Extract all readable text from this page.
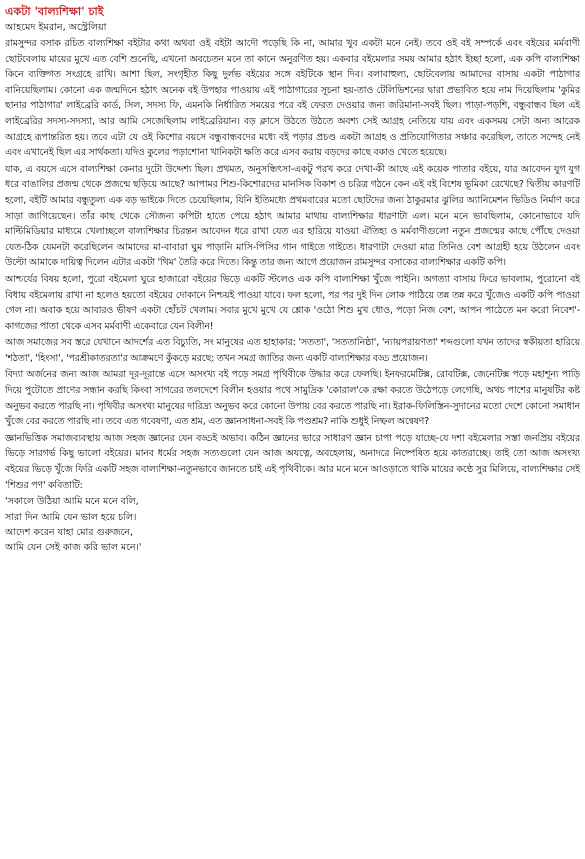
একটা 'বাল্যশিক্ষা' চাই

আহমেদ ইমরান, অস্ট্রেলিয়া

রামসুন্দর বসাক রচিত বাল্যশিক্ষা বইটার কথা অথবা ওই বইটা আদৌ পড়েছি কি না, আমার খুব একটা মনে নেই। তবে ওই বই সম্পর্কে এবং বইয়ের মর্মবাণী ছোটবেলায় মায়ের মুখে এত বেশি শুনেছি, এখনো অবচেতন মনে তা কানে অনুরণিত হয়। একবার বইমেলার সময় আমার হঠাৎ ইচ্ছা হলো, এক কপি বাল্যশিক্ষা কিনে ব্যক্তিগত সংগ্রহে রাখি। আশা ছিল, সংগৃহীত কিছু দুর্লভ বইয়ের সঙ্গে বইটিকে স্থান দিব। বলাবাহুল্য, ছোটবেলায় আমাদের বাসায় একটা পাঠাগার বানিয়েছিলাম। কোনো এক জন্মদিনে হঠাৎ অনেক বই উপহার পাওয়ায় এই পাঠাগারের সূচনা হয়-তাও টেলিভিশনের দ্বারা প্রভাবিত হয়ে নাম দিয়েছিলাম 'কুমির ছানার পাঠাগার' লাইব্রেরি কার্ড, সিল, সদস্য ফি, এমনকি নির্ধারিত সময়ের পরে বই ফেরত দেওয়ার জন্য জরিমানা-সবই ছিল। পাড়া-পড়শি, বন্ধুবান্ধব ছিল এই লাইব্রেরির সদস্য-সদস্যা, আর আমি সেজেছিলাম লাইব্রেরিয়ান। বড় ক্লাসে উঠতে উঠতে অবশ্য সেই আগ্রহ নেতিয়ে যায় এবং একসময় সেটা অন্য আরেক আগ্রহে রূপান্তরিত হয়। তবে এটা যে ওই কিশোর বয়সে বন্ধুবান্ধবদের মধ্যে বই পড়ার প্রচণ্ড একটা আগ্রহ ও প্রতিযোগিতার সঞ্চার করেছিল, তাতে সন্দেহ নেই এবং এখানেই ছিল এর সার্থকতা। যদিও কুলের পড়াশোনা খানিকটা ক্ষতি করে এসব করায় বড়দের কাছে বকাও খেতে হয়েছে।

যাক, এ বয়সে এসে বাল্যশিক্ষা কেনার দুটো উদ্দেশ্য ছিল। প্রথমত, অনুসন্ধিৎসা-একটু পরখ করে দেখা-কী আছে এই কয়েক পাতার বইয়ে, যার আবেদন যুগ যুগ ধরে বাঙালির প্রজন্ম থেকে প্রজন্মে ছড়িয়ে আছে? আপামর শিশু-কিশোরদের মানসিক বিকাশ ও চরিত্র গঠনে কেন এই বই বিশেষ ভূমিকা রেখেছে? দ্বিতীয় কারণটি হলো, বইটি আমার বন্ধুতুল্য এক বড় ভাইকে দিতে চেয়েছিলাম, যিনি ইতিমধ্যে প্রথমবারের মতো ছোটদের জন্য ঠাকুরমার ঝুলির অ্যানিমেশন ভিডিও নির্মাণ করে সাড়া জাগিয়েছেন। তাঁর কাছ থেকে সৌজন্য কপিটা হাতে পেয়ে হঠাৎ আমার মাথায় বাল্যশিক্ষার ধারণাটা এল। মনে মনে ভাবছিলাম, কোনোভাবে যদি মাল্টিমিডিয়ার মাধ্যমে খেলাচ্ছলে বাল্যশিক্ষার চিরন্তন আবেদন ধরে রাখা যেত এর হারিয়ে যাওয়া ঐতিহ্য ও মর্মবাণীগুলো নতুন প্রজন্মের কাছে পৌঁছে দেওয়া যেত-ঠিক যেমনটা করেছিলেন আমাদের মা-বাবারা ঘুম পাড়ানি মাসি-পিসির গান গাইতে গাইতে। ধারণাটা দেওয়া মাত্র তিনিও বেশ আগ্রহী হয়ে উঠলেন এবং উল্টো আমাকে দায়িত্ব দিলেন এটার একটা 'থিম' তৈরি করে দিতে। কিন্তু তার জন্য আগে প্রয়োজন রামসুন্দর বসাকের বাল্যশিক্ষার একটি কপি।

আশ্চর্যের বিষয় হলো, পুরো বইমেলা ঘুরে হাজারো বইয়ের ভিড়ে একটি স্টলেও এক কপি বাল্যশিক্ষা খুঁজে পাইনি। অগত্যা বাসায় ফিরে ভাবলাম, পুরোনো বই বিধায় বইমেলায় রাখা না হলেও হয়তো বইয়ের দোকানে নিশ্চয়ই পাওয়া যাবে। ফল হলো, পর পর দুই দিন লোক পাঠিয়ে তন্ন তন্ন করে খুঁজেও একটি কপি পাওয়া গেল না। অবাক হয়ে আবারও ভীষণ একটা হোঁচট খেলাম। সবার মুখে মুখে যে শ্লোক 'ওঠো শিশু মুখ ধোও, পড়ো নিজ বেশ, আপন পাঠেতে মন করো নিবেশ'-কাগজের পাতা থেকে এসব মর্মবাণী একেবারে যেন বিলীন!

আজ সমাজের সব স্তরে যেখানে আদর্শের এত বিচ্যুতি, সং মানুষের এত হাহাকার: 'সততা', 'সততানিষ্ঠা', 'ন্যায়পরায়ণতা' শব্দগুলো যখন তাদের স্বকীয়তা হারিয়ে 'শঠতা', 'হিংসা', 'পরশ্রীকাতরতা'র আক্রমণে কুঁকড়ে মরছে: তখন সমগ্র জাতির জন্য একটি বাল্যশিক্ষার বড্ড প্রয়োজন।

বিদ্যা অর্জনের জন্য আজ আমরা দূর-দূরান্তে এসে অসংখ্য বই পড়ে সমগ্র পৃথিবীকে উদ্ধার করে ফেলছি। ইনফরমেটিক্স, রোবটিক্স, জেনেটিক্স পড়ে মহাশূন্য পাড়ি দিয়ে পুটোতে প্রাণের সন্ধান করছি কিংবা সাগরের তলদেশে বিলীন হওয়ার পথে সামুদ্রিক 'কোরাল'কে রক্ষা করতে উঠেপড়ে লেগেছি, অথচ পাশের মানুষটির কষ্ট অনুভব করতে পারছি না। পৃথিবীর অসংখ্য মানুষের দারিদ্র্য অনুভব করে কোনো উপায় বের করতে পারছি না। ইরাক-ফিলিস্তিন-সুদানের মতো দেশে কোনো সমাধান খুঁজে বের করতে পারছি না। তবে এত গবেষণা, এত শ্রম, এত জ্ঞানসাধনা-সবই কি পণ্ডশ্রম? নাকি শুধুই নিষ্ফল অন্বেষণ?

জ্ঞানভিত্তিক সমাজব্যবস্থায় আজ সহজ জ্ঞানের যেন বড্ডই অভাব। কঠিন জ্ঞানের ভারে সাধারণ জ্ঞান চাপা পড়ে যাচ্ছে-যে দশা বইমেলার সস্তা জনপ্রিয় বইয়ের ভিড়ে সারগর্ভ কিছু ভালো বইয়ের। মানব ধর্মের সহজ সত্যগুলো যেন আজ অযত্নে, অবহেলায়, অনাদরে নিষ্পেষিত হয়ে কাতরাচ্ছে। তাই তো আজ অসংখ্য বইয়ের ভিড়ে খুঁজে ফিরি একটি সহজ বাল্যশিক্ষা-নতুনভাবে জানতে চাই এই পৃথিবীকে। আর মনে মনে আওড়াতে থাকি মায়ের কণ্ঠে সুর মিলিয়ে, বাল্যশিক্ষার সেই 'শিশুর পণ' কবিতাটি:

'সকালে উঠিয়া আমি মনে মনে বলি,

সারা দিন আমি যেন ভাল হয়ে চলি।

আদেশ করেন যাহা মোর গুরুজনে,

আমি যেন সেই কাজ করি ভাল মনে।'
